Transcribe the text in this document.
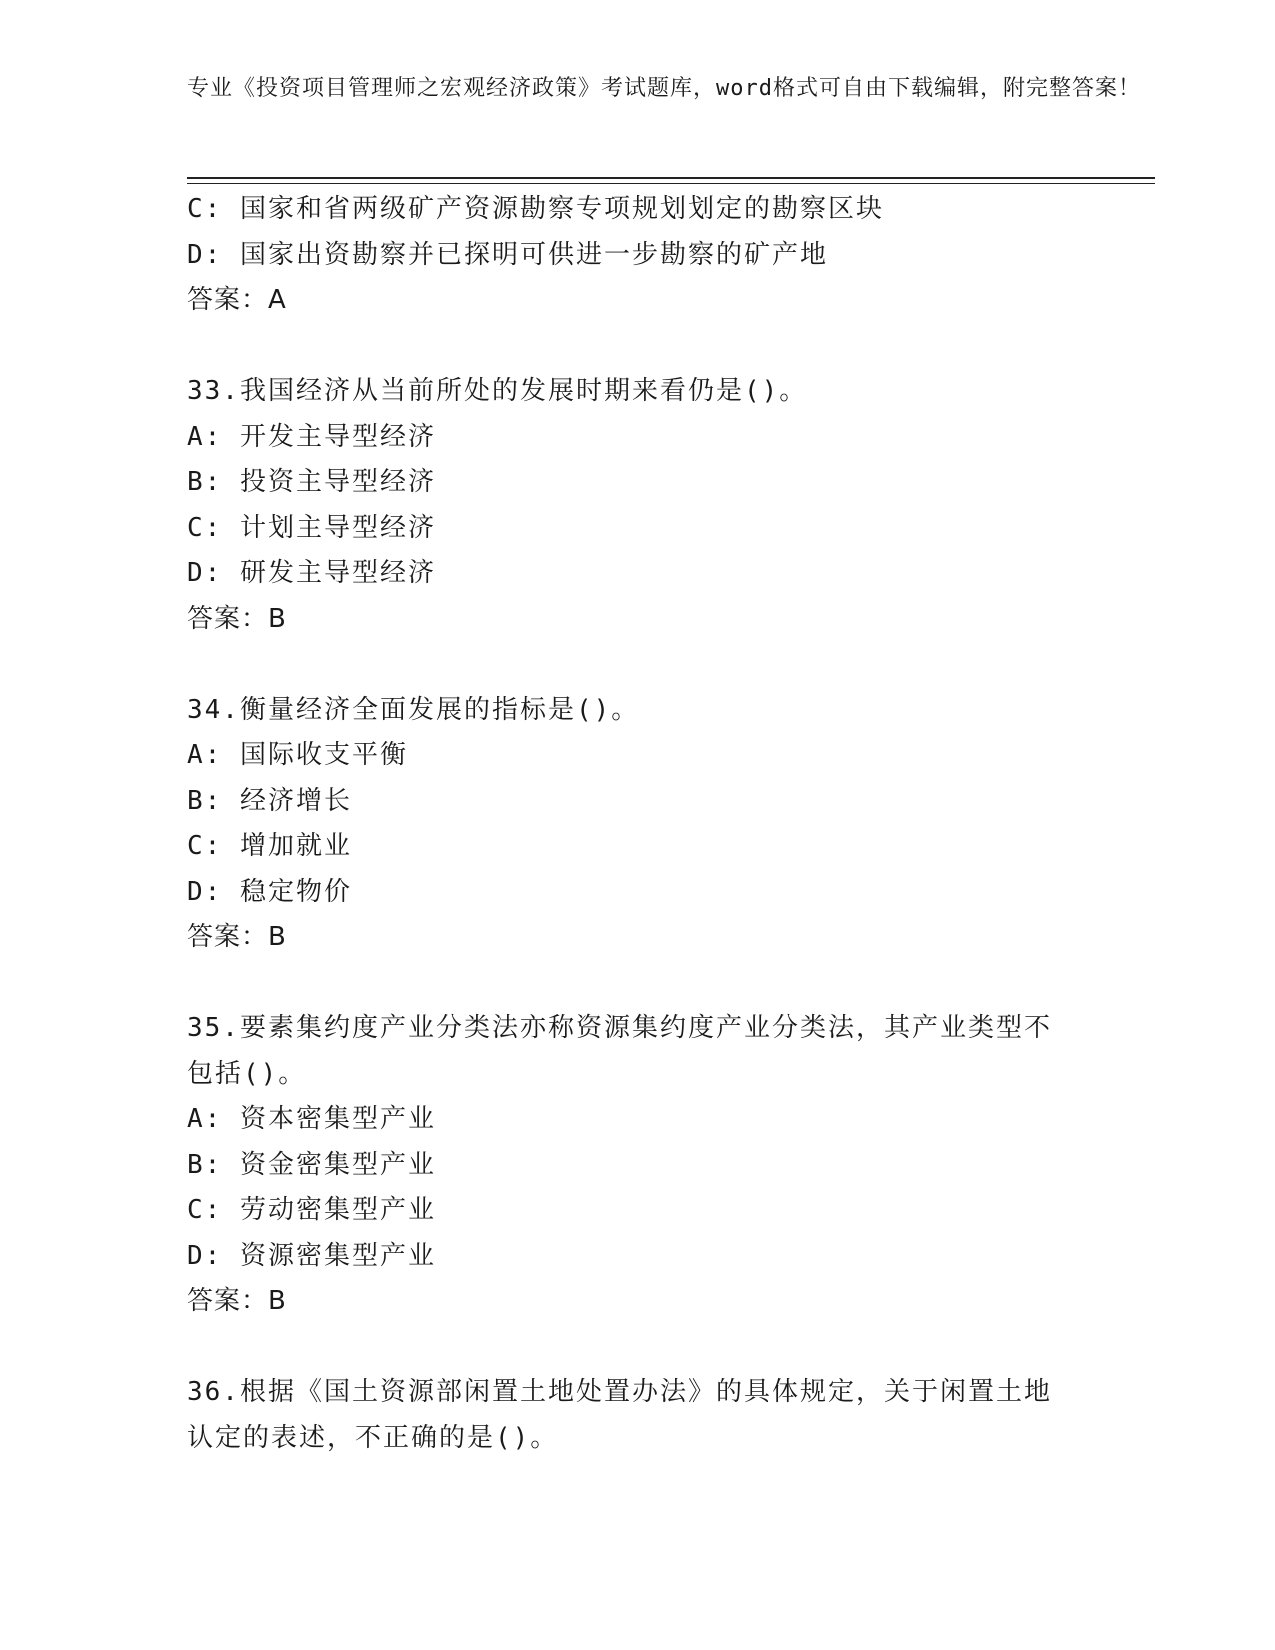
专业《投资项目管理师之宏观经济政策》考试题库，word格式可自由下载编辑，附完整答案！
C: 国家和省两级矿产资源勘察专项规划划定的勘察区块
D: 国家出资勘察并已探明可供进一步勘察的矿产地
答案：A
33.我国经济从当前所处的发展时期来看仍是()。
A: 开发主导型经济
B: 投资主导型经济
C: 计划主导型经济
D: 研发主导型经济
答案：B
34.衡量经济全面发展的指标是()。
A: 国际收支平衡
B: 经济增长
C: 增加就业
D: 稳定物价
答案：B
35.要素集约度产业分类法亦称资源集约度产业分类法，其产业类型不包括()。
A: 资本密集型产业
B: 资金密集型产业
C: 劳动密集型产业
D: 资源密集型产业
答案：B
36.根据《国土资源部闲置土地处置办法》的具体规定，关于闲置土地认定的表述，不正确的是()。
